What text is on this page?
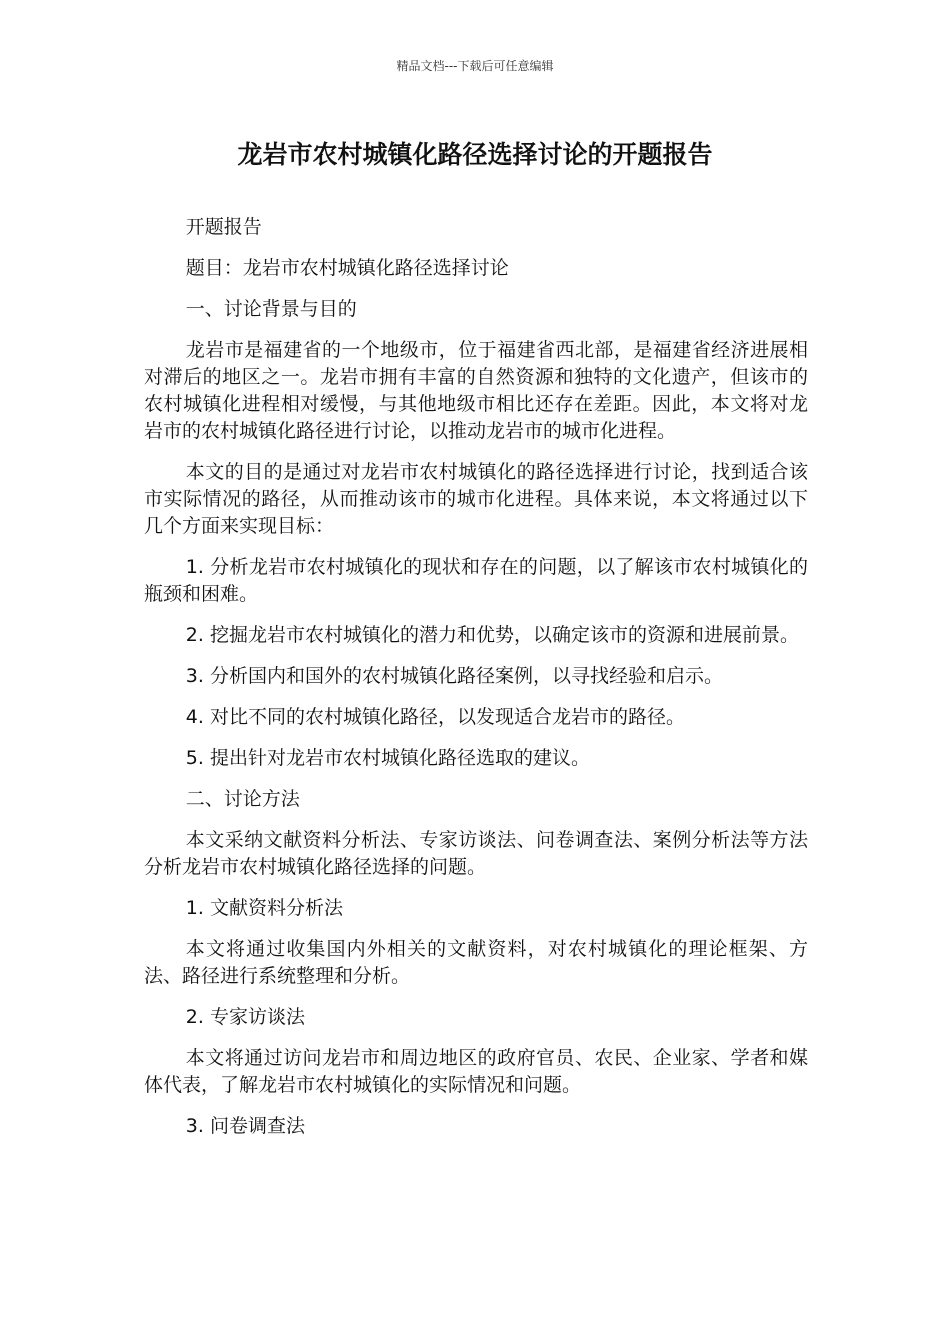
精品文档---下载后可任意编辑
龙岩市农村城镇化路径选择讨论的开题报告

开题报告

题目：龙岩市农村城镇化路径选择讨论

一、讨论背景与目的

龙岩市是福建省的一个地级市，位于福建省西北部，是福建省经济进展相对滞后的地区之一。龙岩市拥有丰富的自然资源和独特的文化遗产，但该市的农村城镇化进程相对缓慢，与其他地级市相比还存在差距。因此，本文将对龙岩市的农村城镇化路径进行讨论，以推动龙岩市的城市化进程。

本文的目的是通过对龙岩市农村城镇化的路径选择进行讨论，找到适合该市实际情况的路径，从而推动该市的城市化进程。具体来说，本文将通过以下几个方面来实现目标：

1. 分析龙岩市农村城镇化的现状和存在的问题，以了解该市农村城镇化的瓶颈和困难。

2. 挖掘龙岩市农村城镇化的潜力和优势，以确定该市的资源和进展前景。

3. 分析国内和国外的农村城镇化路径案例，以寻找经验和启示。

4. 对比不同的农村城镇化路径，以发现适合龙岩市的路径。

5. 提出针对龙岩市农村城镇化路径选取的建议。

二、讨论方法

本文采纳文献资料分析法、专家访谈法、问卷调查法、案例分析法等方法分析龙岩市农村城镇化路径选择的问题。

1. 文献资料分析法

本文将通过收集国内外相关的文献资料，对农村城镇化的理论框架、方法、路径进行系统整理和分析。

2. 专家访谈法

本文将通过访问龙岩市和周边地区的政府官员、农民、企业家、学者和媒体代表，了解龙岩市农村城镇化的实际情况和问题。

3. 问卷调查法
